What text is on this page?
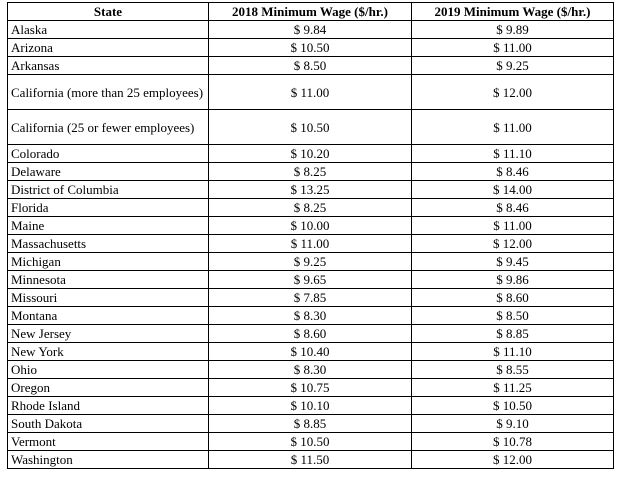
State	2018 Minimum Wage ($/hr.)	2019 Minimum Wage ($/hr.)
Alaska	$ 9.84	$ 9.89
Arizona	$ 10.50	$ 11.00
Arkansas	$ 8.50	$ 9.25
California (more than 25 employees)	$ 11.00	$ 12.00
California (25 or fewer employees)	$ 10.50	$ 11.00
Colorado	$ 10.20	$ 11.10
Delaware	$ 8.25	$ 8.46
District of Columbia	$ 13.25	$ 14.00
Florida	$ 8.25	$ 8.46
Maine	$ 10.00	$ 11.00
Massachusetts	$ 11.00	$ 12.00
Michigan	$ 9.25	$ 9.45
Minnesota	$ 9.65	$ 9.86
Missouri	$ 7.85	$ 8.60
Montana	$ 8.30	$ 8.50
New Jersey	$ 8.60	$ 8.85
New York	$ 10.40	$ 11.10
Ohio	$ 8.30	$ 8.55
Oregon	$ 10.75	$ 11.25
Rhode Island	$ 10.10	$ 10.50
South Dakota	$ 8.85	$ 9.10
Vermont	$ 10.50	$ 10.78
Washington	$ 11.50	$ 12.00
